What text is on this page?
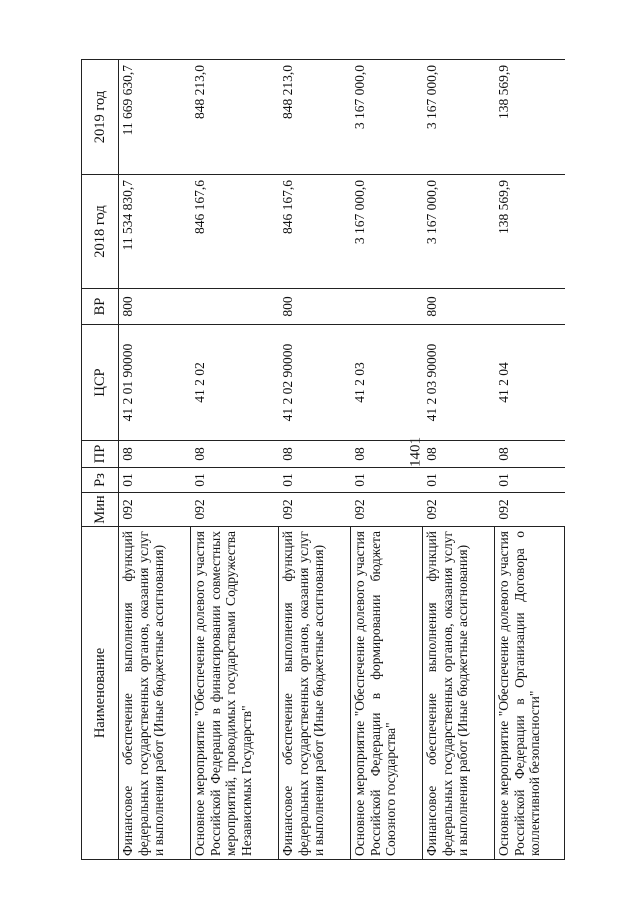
1401
Наименование	Мин	Рз	ПР	ЦСР	ВР	2018 год	2019 год
Финансовое обеспечение выполнения функций федеральных государственных органов, оказания услуг и выполнения работ (Иные бюджетные ассигнования)	092	01	08	41 2 01 90000	800	11 534 830,7	11 669 630,7
Основное мероприятие "Обеспечение долевого участия Российской Федерации в финансировании совместных мероприятий, проводимых государствами Содружества Независимых Государств"	092	01	08	41 2 02		846 167,6	848 213,0
Финансовое обеспечение выполнения функций федеральных государственных органов, оказания услуг и выполнения работ (Иные бюджетные ассигнования)	092	01	08	41 2 02 90000	800	846 167,6	848 213,0
Основное мероприятие "Обеспечение долевого участия Российской Федерации в формировании бюджета Союзного государства"	092	01	08	41 2 03		3 167 000,0	3 167 000,0
Финансовое обеспечение выполнения функций федеральных государственных органов, оказания услуг и выполнения работ (Иные бюджетные ассигнования)	092	01	08	41 2 03 90000	800	3 167 000,0	3 167 000,0
Основное мероприятие "Обеспечение долевого участия Российской Федерации в Организации Договора о коллективной безопасности"	092	01	08	41 2 04		138 569,9	138 569,9
